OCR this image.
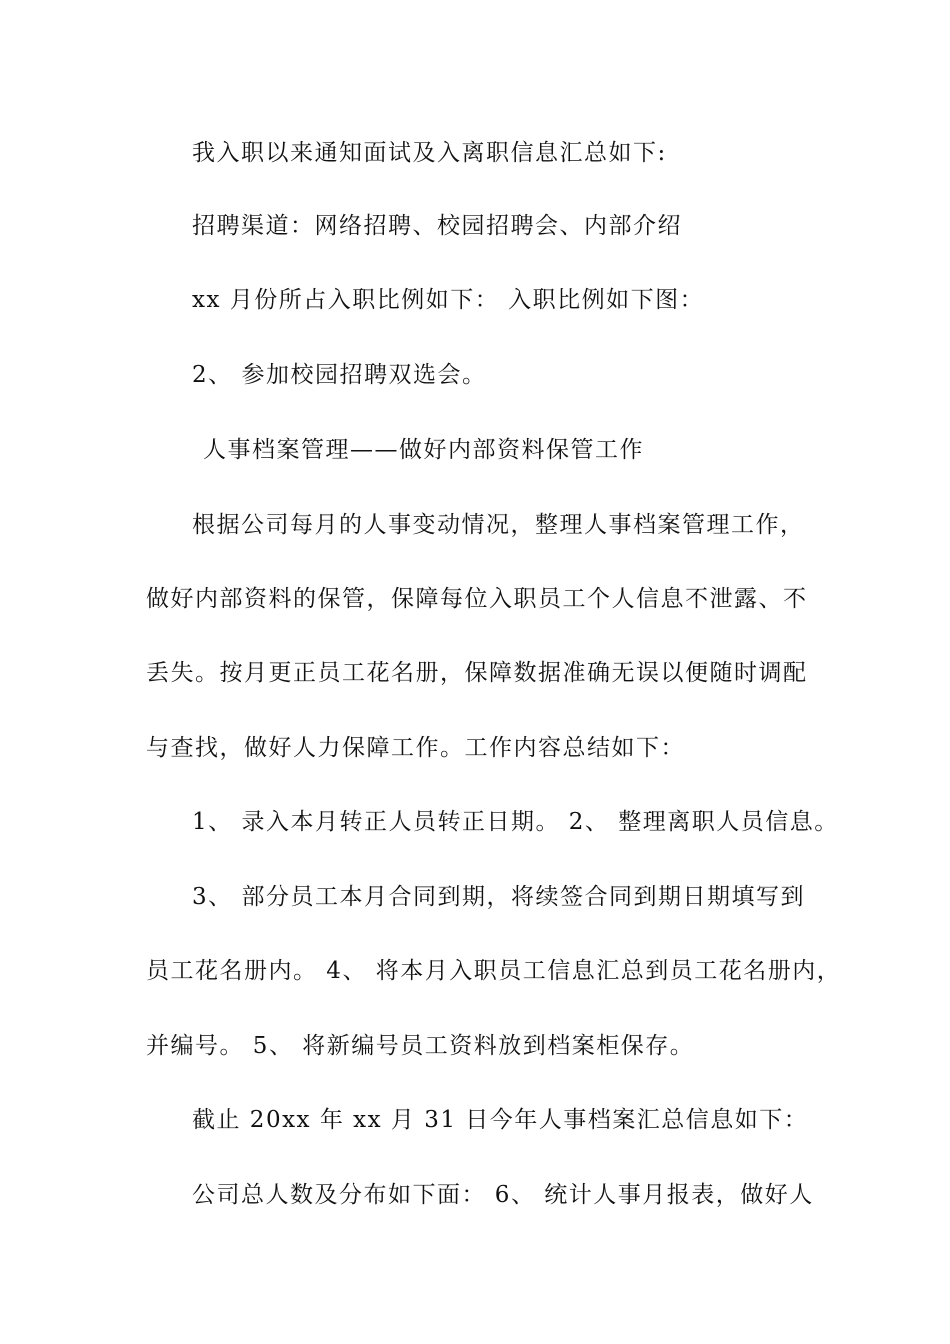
我入职以来通知面试及入离职信息汇总如下:
招聘渠道：网络招聘、校园招聘会、内部介绍
xx 月份所占入职比例如下： 入职比例如下图：
2、 参加校园招聘双选会。
人事档案管理——做好内部资料保管工作
根据公司每月的人事变动情况，整理人事档案管理工作，
做好内部资料的保管，保障每位入职员工个人信息不泄露、不
丢失。按月更正员工花名册，保障数据准确无误以便随时调配
与查找，做好人力保障工作。工作内容总结如下：
1、 录入本月转正人员转正日期。 2、 整理离职人员信息。
3、 部分员工本月合同到期，将续签合同到期日期填写到
员工花名册内。 4、 将本月入职员工信息汇总到员工花名册内，
并编号。 5、 将新编号员工资料放到档案柜保存。
截止 20xx 年 xx 月 31 日今年人事档案汇总信息如下：
公司总人数及分布如下面： 6、 统计人事月报表，做好人
